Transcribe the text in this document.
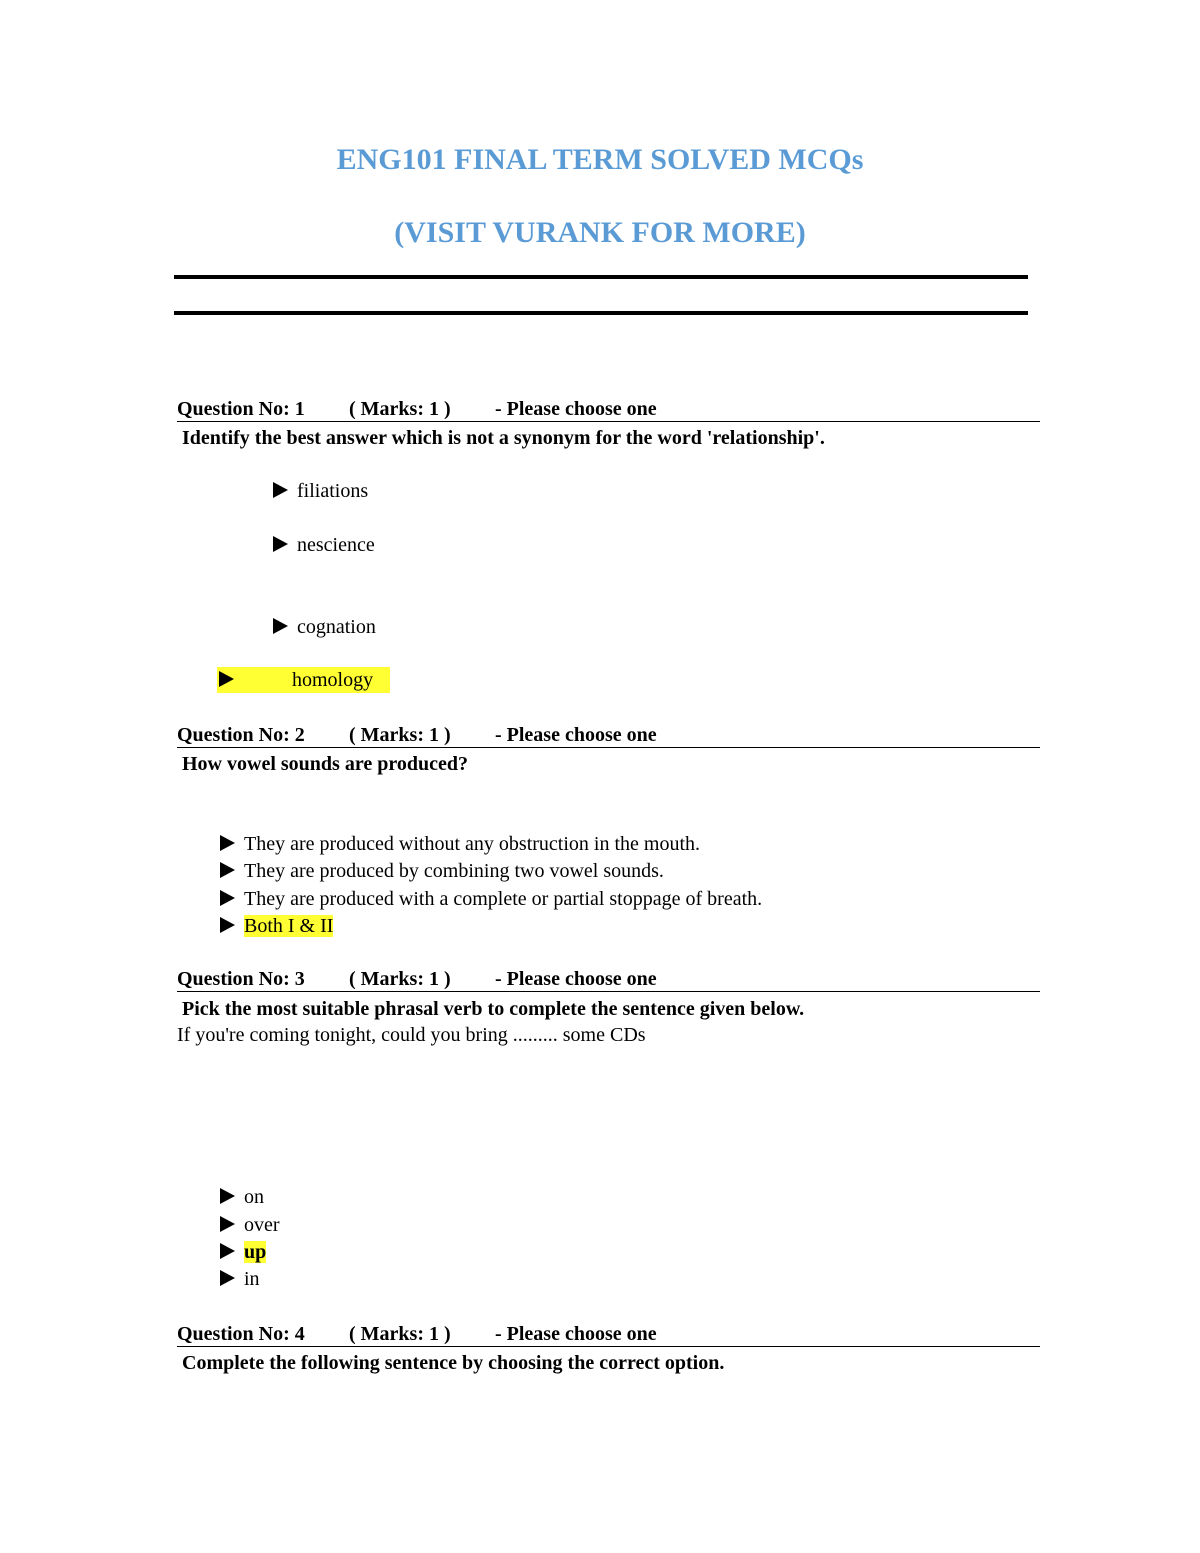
ENG101 FINAL TERM SOLVED MCQs
(VISIT VURANK FOR MORE)
Question No: 1 ( Marks: 1 ) - Please choose one
Identify the best answer which is not a synonym for the word 'relationship'.
filiations
nescience
cognation
homology
Question No: 2 ( Marks: 1 ) - Please choose one
How vowel sounds are produced?
They are produced without any obstruction in the mouth.
They are produced by combining two vowel sounds.
They are produced with a complete or partial stoppage of breath.
Both I & II
Question No: 3 ( Marks: 1 ) - Please choose one
Pick the most suitable phrasal verb to complete the sentence given below.
If you're coming tonight, could you bring ......... some CDs
on
over
up
in
Question No: 4 ( Marks: 1 ) - Please choose one
Complete the following sentence by choosing the correct option.
